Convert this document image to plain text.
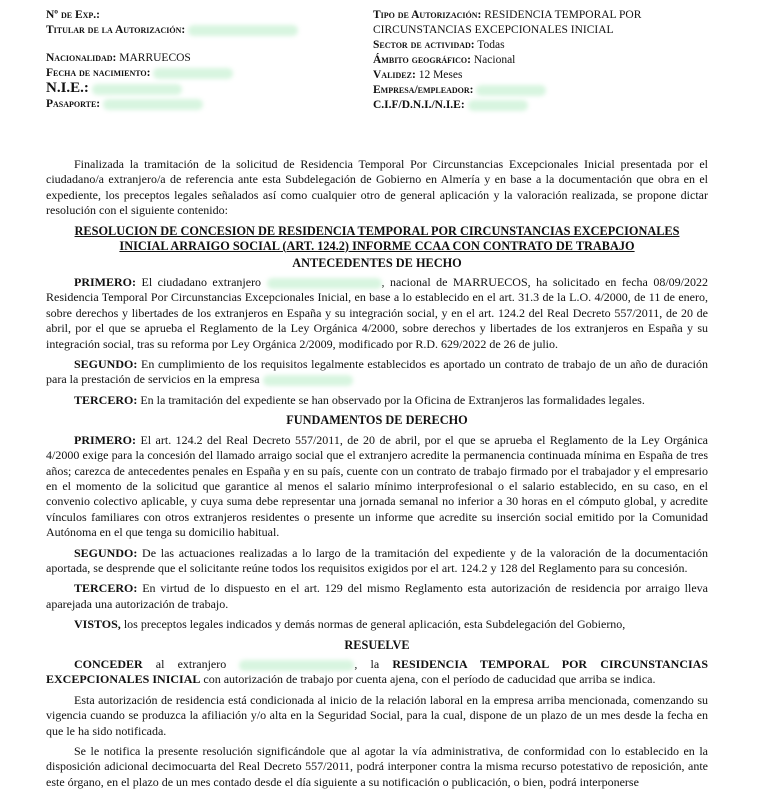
Nº de Exp.:
Titular de la Autorización:
Nacionalidad: MARRUECOS
Fecha de nacimiento:
N.I.E.:
Pasaporte:
Tipo de Autorización: RESIDENCIA TEMPORAL POR CIRCUNSTANCIAS EXCEPCIONALES INICIAL
Sector de actividad: Todas
Ámbito geográfico: Nacional
Validez: 12 Meses
Empresa/empleador:
C.I.F/D.N.I./N.I.E:

Finalizada la tramitación de la solicitud de Residencia Temporal Por Circunstancias Excepcionales Inicial presentada por el ciudadano/a extranjero/a de referencia ante esta Subdelegación de Gobierno en Almería y en base a la documentación que obra en el expediente, los preceptos legales señalados así como cualquier otro de general aplicación y la valoración realizada, se propone dictar resolución con el siguiente contenido:

RESOLUCION DE CONCESION DE RESIDENCIA TEMPORAL POR CIRCUNSTANCIAS EXCEPCIONALES
INICIAL ARRAIGO SOCIAL (ART. 124.2) INFORME CCAA CON CONTRATO DE TRABAJO
ANTECEDENTES DE HECHO

PRIMERO: El ciudadano extranjero	, nacional de MARRUECOS, ha solicitado en fecha 08/09/2022 Residencia Temporal Por Circunstancias Excepcionales Inicial, en base a lo establecido en el art. 31.3 de la L.O. 4/2000, de 11 de enero, sobre derechos y libertades de los extranjeros en España y su integración social, y en el art. 124.2 del Real Decreto 557/2011, de 20 de abril, por el que se aprueba el Reglamento de la Ley Orgánica 4/2000, sobre derechos y libertades de los extranjeros en España y su integración social, tras su reforma por Ley Orgánica 2/2009, modificado por R.D. 629/2022 de 26 de julio.

SEGUNDO: En cumplimiento de los requisitos legalmente establecidos es aportado un contrato de trabajo de un año de duración para la prestación de servicios en la empresa

TERCERO: En la tramitación del expediente se han observado por la Oficina de Extranjeros las formalidades legales.

FUNDAMENTOS DE DERECHO

PRIMERO: El art. 124.2 del Real Decreto 557/2011, de 20 de abril, por el que se aprueba el Reglamento de la Ley Orgánica 4/2000 exige para la concesión del llamado arraigo social que el extranjero acredite la permanencia continuada mínima en España de tres años; carezca de antecedentes penales en España y en su país, cuente con un contrato de trabajo firmado por el trabajador y el empresario en el momento de la solicitud que garantice al menos el salario mínimo interprofesional o el salario establecido, en su caso, en el convenio colectivo aplicable, y cuya suma debe representar una jornada semanal no inferior a 30 horas en el cómputo global, y acredite vínculos familiares con otros extranjeros residentes o presente un informe que acredite su inserción social emitido por la Comunidad Autónoma en el que tenga su domicilio habitual.

SEGUNDO: De las actuaciones realizadas a lo largo de la tramitación del expediente y de la valoración de la documentación aportada, se desprende que el solicitante reúne todos los requisitos exigidos por el art. 124.2 y 128 del Reglamento para su concesión.

TERCERO: En virtud de lo dispuesto en el art. 129 del mismo Reglamento esta autorización de residencia por arraigo lleva aparejada una autorización de trabajo.

VISTOS, los preceptos legales indicados y demás normas de general aplicación, esta Subdelegación del Gobierno,

RESUELVE

CONCEDER al extranjero	, la RESIDENCIA TEMPORAL POR CIRCUNSTANCIAS EXCEPCIONALES INICIAL con autorización de trabajo por cuenta ajena, con el período de caducidad que arriba se indica.

Esta autorización de residencia está condicionada al inicio de la relación laboral en la empresa arriba mencionada, comenzando su vigencia cuando se produzca la afiliación y/o alta en la Seguridad Social, para la cual, dispone de un plazo de un mes desde la fecha en que le ha sido notificada.

Se le notifica la presente resolución significándole que al agotar la vía administrativa, de conformidad con lo establecido en la disposición adicional decimocuarta del Real Decreto 557/2011, podrá interponer contra la misma recurso potestativo de reposición, ante este órgano, en el plazo de un mes contado desde el día siguiente a su notificación o publicación, o bien, podrá interponerse
